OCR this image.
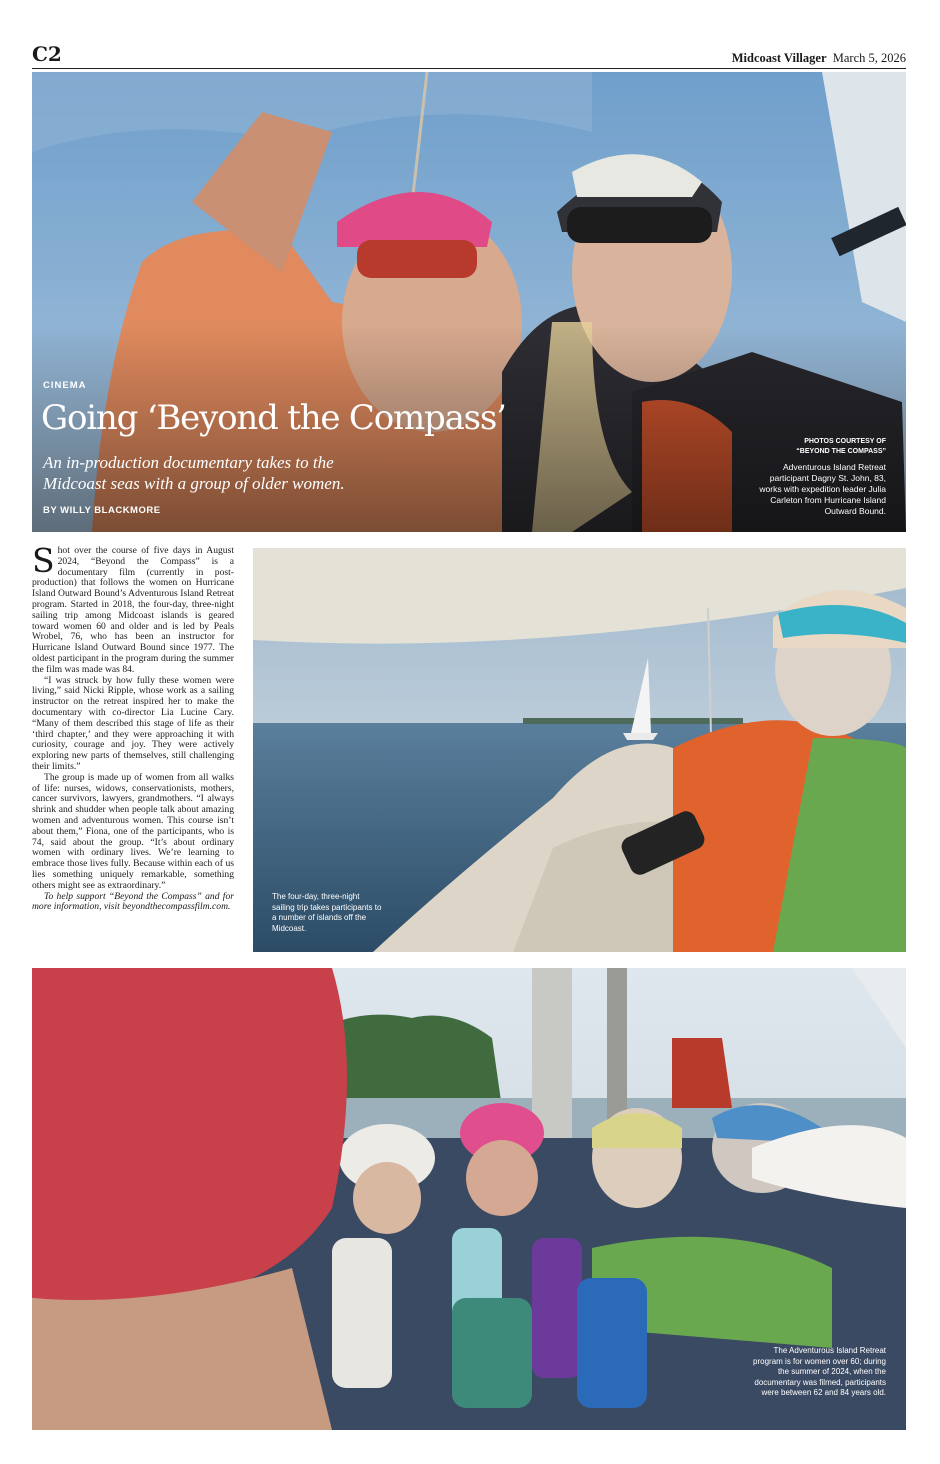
C2	Midcoast Villager March 5, 2026
CINEMA
Going ‘Beyond the Compass’
An in-production documentary takes to the Midcoast seas with a group of older women.
BY WILLY BLACKMORE
PHOTOS COURTESY OF
“BEYOND THE COMPASS”
Adventurous Island Retreat participant Dagny St. John, 83, works with expedition leader Julia Carleton from Hurricane Island Outward Bound.

Shot over the course of five days in August 2024, “Beyond the Compass” is a documentary film (currently in post-production) that follows the women on Hurricane Island Outward Bound’s Adventurous Island Retreat program. Started in 2018, the four-day, three-night sailing trip among Midcoast islands is geared toward women 60 and older and is led by Peals Wrobel, 76, who has been an instructor for Hurricane Island Outward Bound since 1977. The oldest participant in the program during the summer the film was made was 84.

“I was struck by how fully these women were living,” said Nicki Ripple, whose work as a sailing instructor on the retreat inspired her to make the documentary with co-director Lia Lucine Cary. “Many of them described this stage of life as their ‘third chapter,’ and they were approaching it with curiosity, courage and joy. They were actively exploring new parts of themselves, still challenging their limits.”

The group is made up of women from all walks of life: nurses, widows, conservationists, mothers, cancer survivors, lawyers, grandmothers. “I always shrink and shudder when people talk about amazing women and adventurous women. This course isn’t about them,” Fiona, one of the participants, who is 74, said about the group. “It’s about ordinary women with ordinary lives. We’re learning to embrace those lives fully. Because within each of us lies something uniquely remarkable, something others might see as extraordinary.”

To help support “Beyond the Compass” and for more information, visit beyondthecompassfilm.com.

The four-day, three-night sailing trip takes participants to a number of islands off the Midcoast.
The Adventurous Island Retreat program is for women over 60; during the summer of 2024, when the documentary was filmed, participants were between 62 and 84 years old.
